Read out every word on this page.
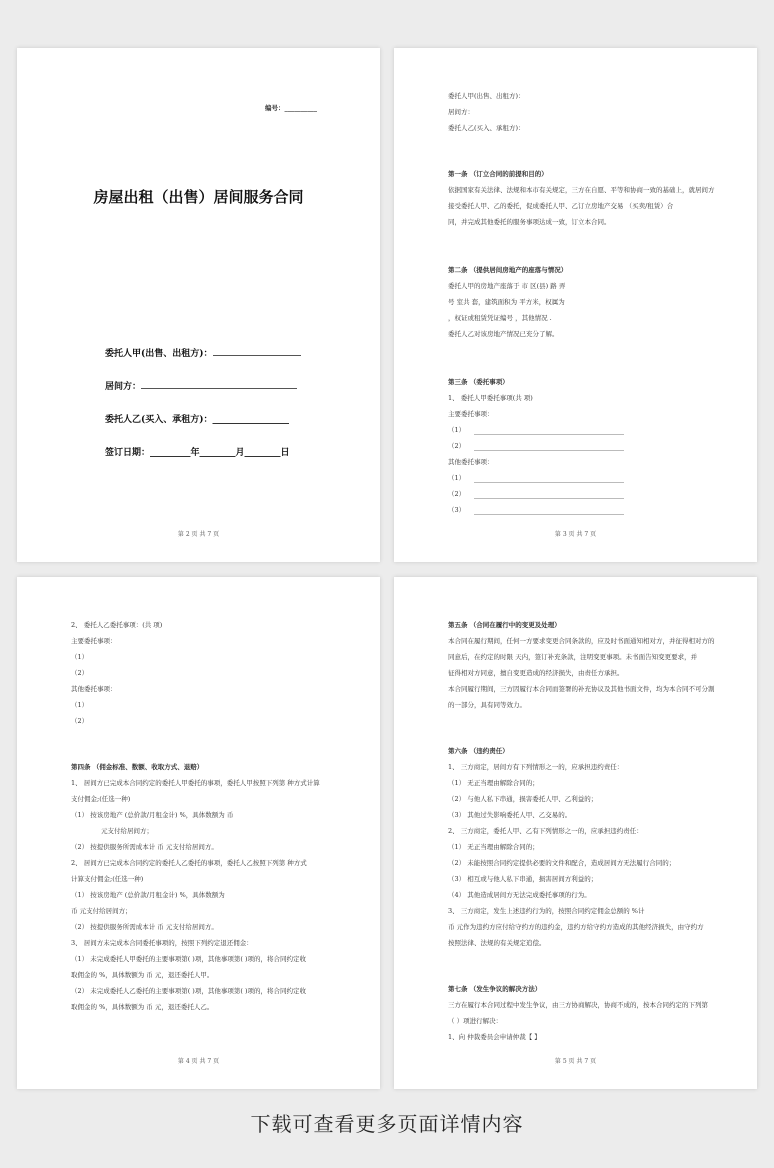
编号：__________
房屋出租（出售）居间服务合同
委托人甲(出售、出租方)：
居间方：
委托人乙(买入、承租方)：_________________
签订日期：_________年________月________日
第 2 页 共 7 页
委托人甲(出售、出租方)：
居间方：
委托人乙(买入、承租方)：
第一条 （订立合同的前提和目的）
依据国家有关法律、法规和本市有关规定，三方在自愿、平等和协商一致的基础上，就居间方
接受委托人甲、乙的委托，促成委托人甲、乙订立房地产交易 （买卖/租赁）合
同，并完成其他委托的服务事项达成一致，订立本合同。
第二条 （提供居间房地产的座落与情况）
委托人甲的房地产座落于 市 区(县) 路 弄
号 室共 套，建筑面积为 平方米，权属为
，权证或租赁凭证编号 ，其他情况 .
委托人乙对该房地产情况已充分了解。
第三条 （委托事项）
1、 委托人甲委托事项(共 项)
主要委托事项：
（1）
（2）
其他委托事项：
（1）
（2）
（3）
第 3 页 共 7 页
2、 委托人乙委托事项：(共 项)
主要委托事项：
（1）
（2）
其他委托事项：
（1）
（2）
第四条 （佣金标准、数额、收取方式、退赔）
1、 居间方已完成本合同约定的委托人甲委托的事项，委托人甲按照下列第 种方式计算
支付佣金;(任选一种)
（1） 按该房地产 (总价款/月租金计) %，具体数额为 币
元支付给居间方；
（2） 按提供服务所需成本计 币 元支付给居间方。
2、 居间方已完成本合同约定的委托人乙委托的事项，委托人乙按照下列第 种方式
计算支付佣金;(任选一种)
（1） 按该房地产 (总价款/月租金计) %，具体数额为
币 元支付给居间方；
（2） 按提供服务所需成本计 币 元支付给居间方。
3、 居间方未完成本合同委托事项的，按照下列约定退还佣金：
（1） 未完成委托人甲委托的主要事项第( )项，其他事项第( )项的，将合同约定收
取佣金的 %，具体数额为 币 元，退还委托人甲。
（2） 未完成委托人乙委托的主要事项第( )项，其他事项第( )项的，将合同约定收
取佣金的 %，具体数额为 币 元，退还委托人乙。
第 4 页 共 7 页
第五条 （合同在履行中的变更及处理）
本合同在履行期间，任何一方要求变更合同条款的，应及时书面通知相对方，并征得相对方的
同意后，在约定的时限 天内，签订补充条款，注明变更事项。未书面告知变更要求，并
征得相对方同意，擅自变更造成的经济损失，由责任方承担。
本合同履行期间，三方因履行本合同而签署的补充协议及其他书面文件，均为本合同不可分割
的一部分，具有同等效力。
第六条 （违约责任）
1、 三方商定，居间方有下列情形之一的，应承担违约责任：
（1） 无正当理由解除合同的；
（2） 与他人私下串通，损害委托人甲、乙利益的；
（3） 其他过失影响委托人甲、乙交易的。
2、 三方商定，委托人甲、乙有下列情形之一的，应承担违约责任：
（1） 无正当理由解除合同的；
（2） 未能按照合同约定提供必要的文件和配合，造成居间方无法履行合同的；
（3） 相互或与他人私下串通，损害居间方利益的；
（4） 其他造成居间方无法完成委托事项的行为。
3、 三方商定，发生上述违约行为的，按照合同约定佣金总额的 %计
币 元作为违约方应付给守约方的违约金，违约方给守约方造成的其他经济损失，由守约方
按照法律、法规的有关规定追偿。
第七条 （发生争议的解决方法）
三方在履行本合同过程中发生争议，由三方协商解决，协商不成的，按本合同约定的下列第
（ ）项进行解决：
1、向 仲裁委员会申请仲裁【 】
第 5 页 共 7 页
下载可查看更多页面详情内容
